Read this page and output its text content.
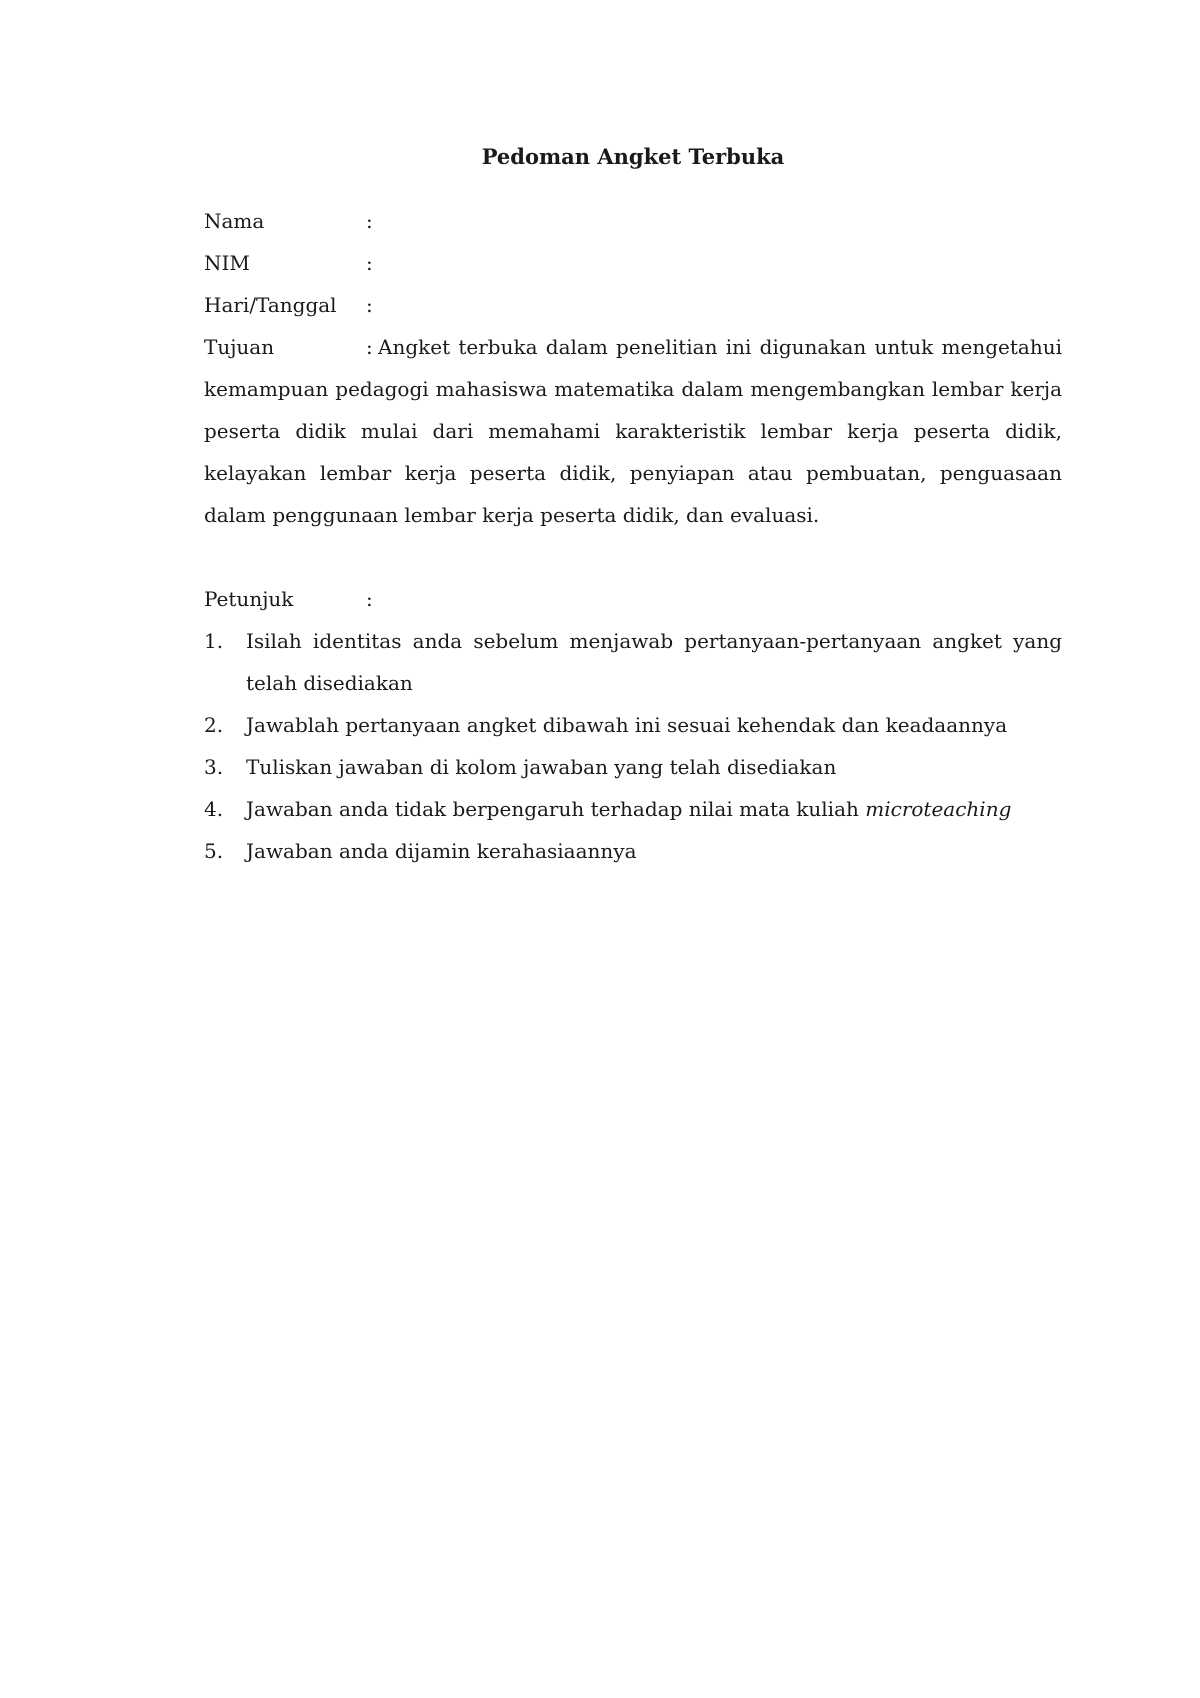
Pedoman Angket Terbuka
Nama	:
NIM	:
Hari/Tanggal	:

Tujuan	: Angket terbuka dalam penelitian ini digunakan untuk mengetahui kemampuan pedagogi mahasiswa matematika dalam mengembangkan lembar kerja peserta didik mulai dari memahami karakteristik lembar kerja peserta didik, kelayakan lembar kerja peserta didik, penyiapan atau pembuatan, penguasaan dalam penggunaan lembar kerja peserta didik, dan evaluasi.

Petunjuk	:
1.	Isilah identitas anda sebelum menjawab pertanyaan-pertanyaan angket yang telah disediakan
2.	Jawablah pertanyaan angket dibawah ini sesuai kehendak dan keadaannya
3.	Tuliskan jawaban di kolom jawaban yang telah disediakan
4.	Jawaban anda tidak berpengaruh terhadap nilai mata kuliah microteaching
5.	Jawaban anda dijamin kerahasiaannya
